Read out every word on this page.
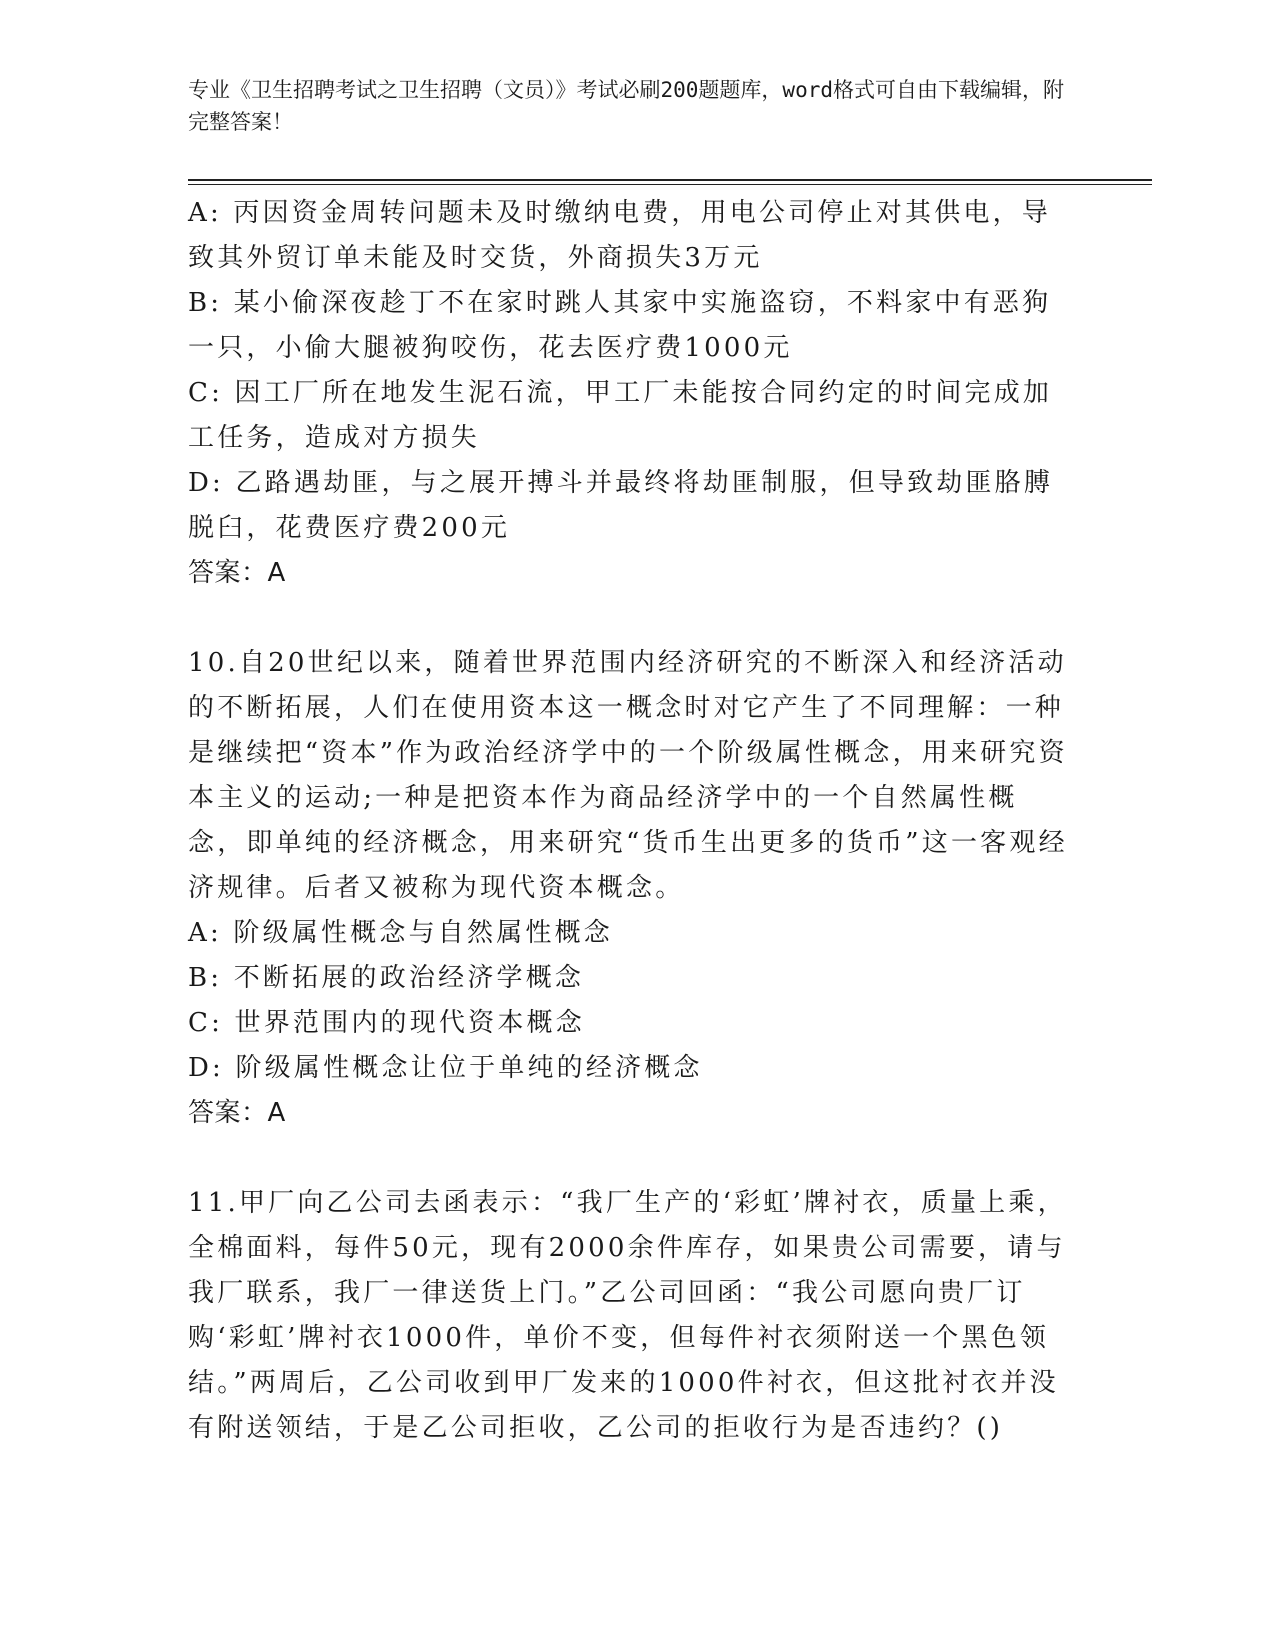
专业《卫生招聘考试之卫生招聘（文员）》考试必刷200题题库，word格式可自由下载编辑，附完整答案！

A: 丙因资金周转问题未及时缴纳电费，用电公司停止对其供电，导致其外贸订单未能及时交货，外商损失3万元

B: 某小偷深夜趁丁不在家时跳人其家中实施盗窃，不料家中有恶狗一只，小偷大腿被狗咬伤，花去医疗费1000元

C: 因工厂所在地发生泥石流，甲工厂未能按合同约定的时间完成加工任务，造成对方损失

D: 乙路遇劫匪，与之展开搏斗并最终将劫匪制服，但导致劫匪胳膊脱臼，花费医疗费200元

答案：A

10.自20世纪以来，随着世界范围内经济研究的不断深入和经济活动的不断拓展，人们在使用资本这一概念时对它产生了不同理解：一种是继续把“资本”作为政治经济学中的一个阶级属性概念，用来研究资本主义的运动;一种是把资本作为商品经济学中的一个自然属性概念，即单纯的经济概念，用来研究“货币生出更多的货币”这一客观经济规律。后者又被称为现代资本概念。

A: 阶级属性概念与自然属性概念

B: 不断拓展的政治经济学概念

C: 世界范围内的现代资本概念

D: 阶级属性概念让位于单纯的经济概念

答案：A

11.甲厂向乙公司去函表示：“我厂生产的‘彩虹’牌衬衣，质量上乘，全棉面料，每件50元，现有2000余件库存，如果贵公司需要，请与我厂联系，我厂一律送货上门。”乙公司回函：“我公司愿向贵厂订购‘彩虹’牌衬衣1000件，单价不变，但每件衬衣须附送一个黑色领结。”两周后，乙公司收到甲厂发来的1000件衬衣，但这批衬衣并没有附送领结，于是乙公司拒收，乙公司的拒收行为是否违约？()
